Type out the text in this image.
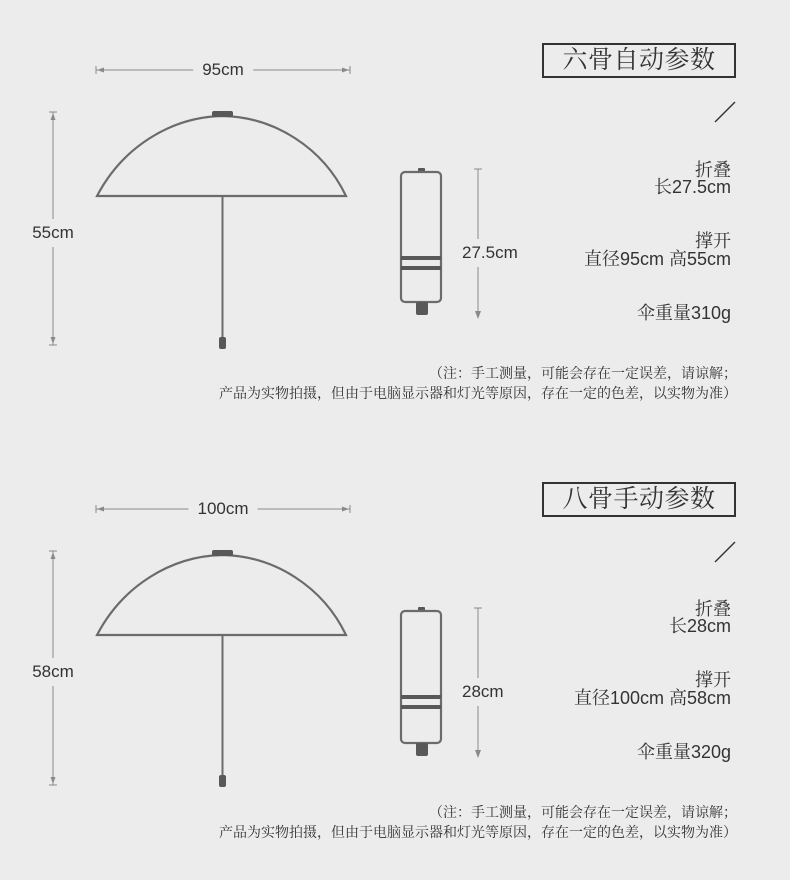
六骨自动参数
95cm
55cm
27.5cm
折叠
长27.5cm
撑开
直径95cm 高55cm
伞重量310g
（注：手工测量，可能会存在一定误差，请谅解；
产品为实物拍摄，但由于电脑显示器和灯光等原因，存在一定的色差，以实物为准）
八骨手动参数
100cm
58cm
28cm
折叠
长28cm
撑开
直径100cm 高58cm
伞重量320g
（注：手工测量，可能会存在一定误差，请谅解；
产品为实物拍摄，但由于电脑显示器和灯光等原因，存在一定的色差，以实物为准）
